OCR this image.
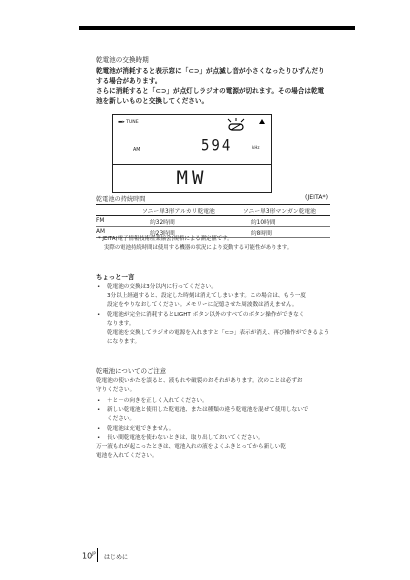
乾電池の交換時期

乾電池が消耗すると表示窓に「⊂⊃」が点滅し音が小さくなったりひずんだりする場合があります。

さらに消耗すると「⊂⊃」が点灯しラジオの電源が切れます。その場合は乾電池を新しいものと交換してください。

▬▸ TUNE
AM	594	kHz
MW
乾電池の持続時間	(JEITA*)
	ソニー単3形アルカリ乾電池	ソニー単3形マンガン乾電池
FM	約32時間	約10時間
AM	約23時間	約8時間

* JEITA(電子情報技術産業協会)規格による測定値です。

実際の電池持続時間は使用する機器の状況により変動する可能性があります。

ちょっと一言
• 乾電池の交換は3分以内に行ってください。
3分以上経過すると、設定した時刻は消えてしまいます。この場合は、もう一度
設定をやりなおしてください。メモリーに記憶させた周波数は消えません。
• 乾電池が完全に消耗するとLIGHT ボタン以外のすべてのボタン操作ができなく
なります。
乾電池を交換してラジオの電源を入れますと「⊂⊃」表示が消え、再び操作ができるようになります。
乾電池についてのご注意

乾電池の使いかたを誤ると、液もれや破裂のおそれがあります。次のことは必ずお

守りください。

• ＋と－の向きを正しく入れてください。
• 新しい乾電池と使用した乾電池、または種類の違う乾電池を混ぜて使用しないで
ください。
• 乾電池は充電できません。
• 長い間乾電池を使わないときは、取り出しておいてください。

万一液もれが起こったときは、電池入れの液をよくふきとってから新しい乾

電池を入れてください。

$10^{JP}$
はじめに
